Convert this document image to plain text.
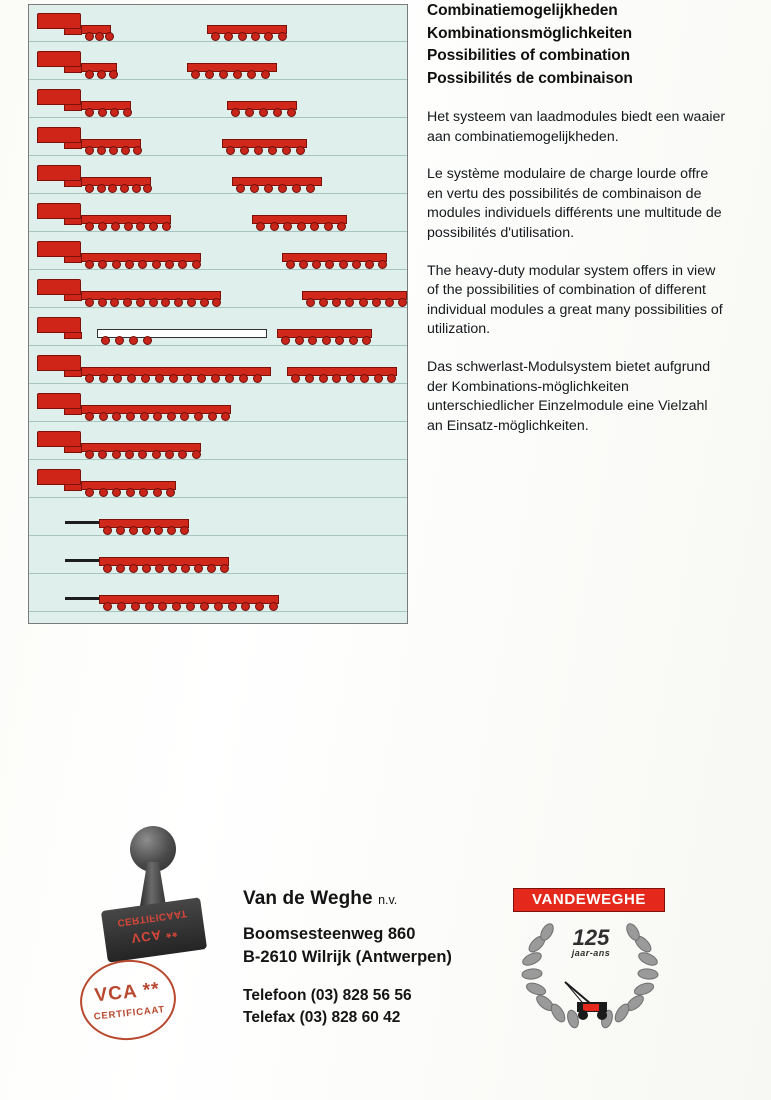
Combinatiemogelijkheden
Kombinationsmöglichkeiten
Possibilities of combination
Possibilités de combinaison

Het systeem van laadmodules biedt een waaier aan combinatiemogelijkheden.

Le système modulaire de charge lourde offre en vertu des possibilités de combinaison de modules individuels différents une multitude de possibilités d'utilisation.

The heavy-duty modular system offers in view of the possibilities of combination of different individual modules a great many possibilities of utilization.

Das schwerlast-Modulsystem bietet aufgrund der Kombinations-möglichkeiten unterschiedlicher Einzelmodule eine Vielzahl an Einsatz-möglichkeiten.

CERTIFICAAT
VCA **
VCA **
CERTIFICAAT
Van de Weghe n.v.
Boomsesteenweg 860
B-2610 Wilrijk (Antwerpen)
Telefoon (03) 828 56 56
Telefax (03) 828 60 42
VANDEWEGHE
125
jaar-ans
